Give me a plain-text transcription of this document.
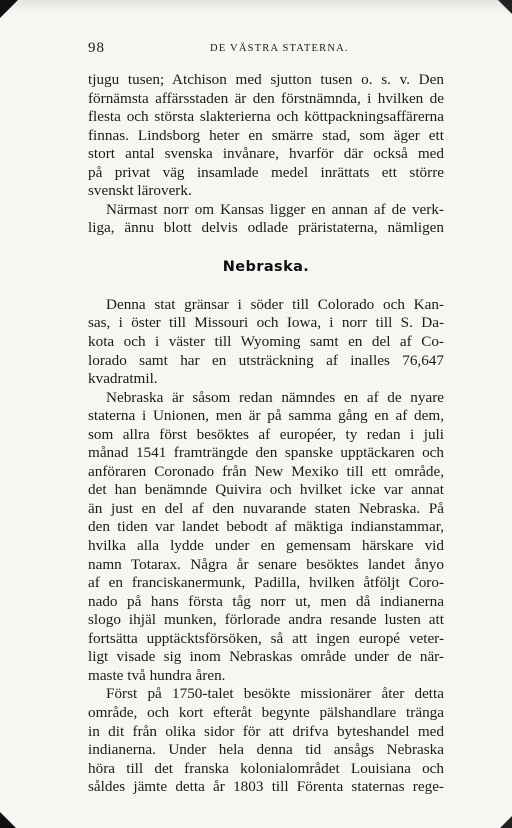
98	DE VÄSTRA STATERNA.
tjugu tusen; Atchison med sjutton tusen o. s. v. Den
förnämsta affärsstaden är den förstnämnda, i hvilken de
flesta och största slakterierna och köttpackningsaffärerna
finnas. Lindsborg heter en smärre stad, som äger ett
stort antal svenska invånare, hvarför där också med
på privat väg insamlade medel inrättats ett större
svenskt läroverk.
Närmast norr om Kansas ligger en annan af de verk-
liga, ännu blott delvis odlade präristaterna, nämligen
Nebraska.
Denna stat gränsar i söder till Colorado och Kan-
sas, i öster till Missouri och Iowa, i norr till S. Da-
kota och i väster till Wyoming samt en del af Co-
lorado samt har en utsträckning af inalles 76,647
kvadratmil.
Nebraska är såsom redan nämndes en af de nyare
staterna i Unionen, men är på samma gång en af dem,
som allra först besöktes af européer, ty redan i juli
månad 1541 framträngde den spanske upptäckaren och
anföraren Coronado från New Mexiko till ett område,
det han benämnde Quivira och hvilket icke var annat
än just en del af den nuvarande staten Nebraska. På
den tiden var landet bebodt af mäktiga indianstammar,
hvilka alla lydde under en gemensam härskare vid
namn Totarax. Några år senare besöktes landet ånyo
af en franciskanermunk, Padilla, hvilken åtföljt Coro-
nado på hans första tåg norr ut, men då indianerna
slogo ihjäl munken, förlorade andra resande lusten att
fortsätta upptäcktsförsöken, så att ingen europé veter-
ligt visade sig inom Nebraskas område under de när-
maste två hundra åren.
Först på 1750-talet besökte missionärer åter detta
område, och kort efteråt begynte pälshandlare tränga
in dit från olika sidor för att drifva byteshandel med
indianerna. Under hela denna tid ansågs Nebraska
höra till det franska kolonialområdet Louisiana och
såldes jämte detta år 1803 till Förenta staternas rege-
